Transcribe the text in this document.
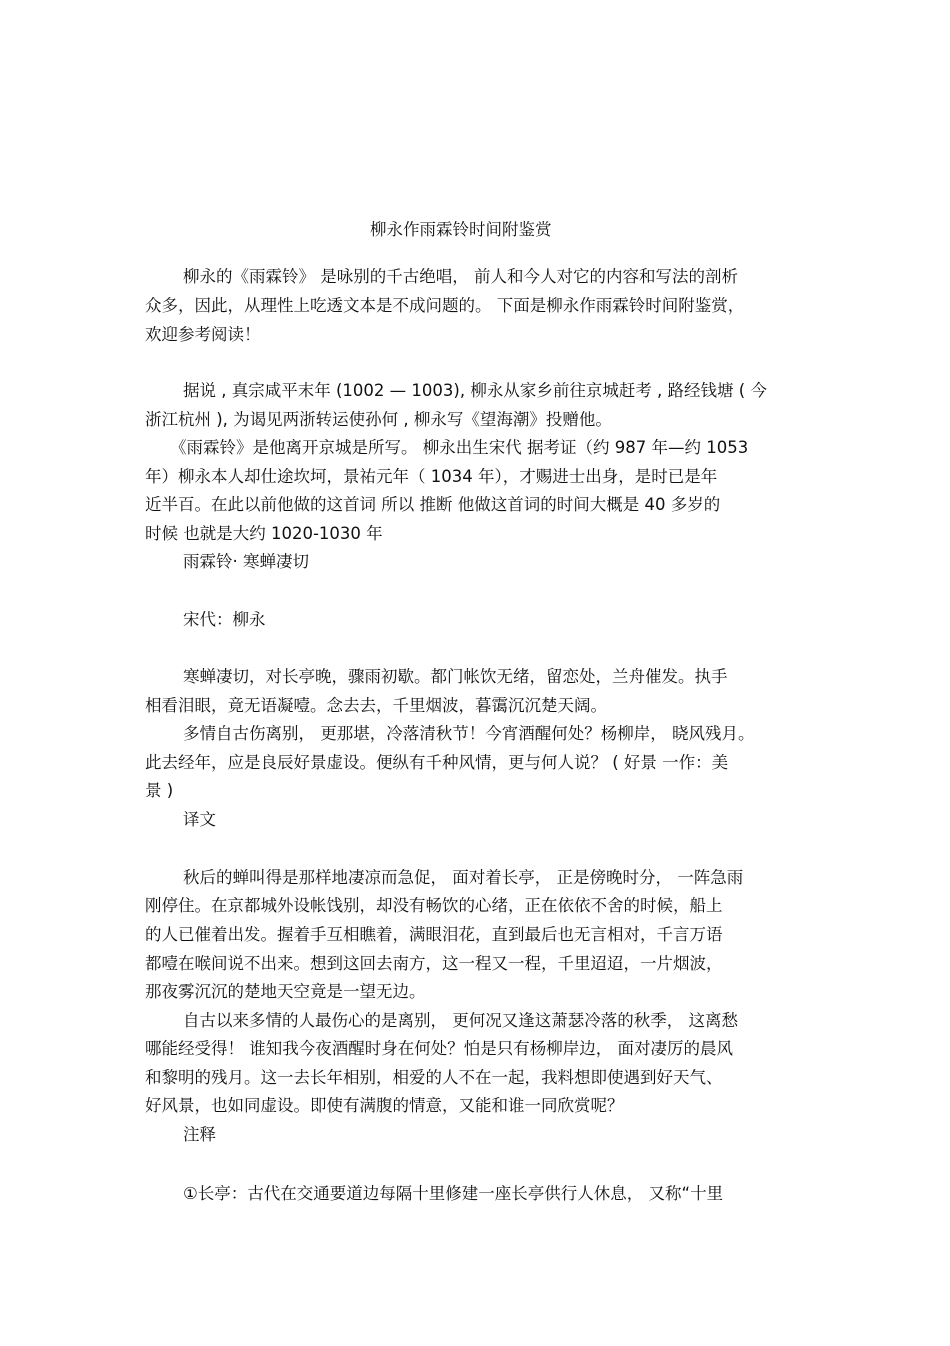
柳永作雨霖铃时间附鉴赏

柳永的《雨霖铃》 是咏别的千古绝唱， 前人和今人对它的内容和写法的剖析

众多，因此，从理性上吃透文本是不成问题的。 下面是柳永作雨霖铃时间附鉴赏，

欢迎参考阅读！

据说 , 真宗咸平末年 (1002 — 1003), 柳永从家乡前往京城赶考 , 路经钱塘 ( 今

浙江杭州 ), 为谒见两浙转运使孙何 , 柳永写《望海潮》投赠他。

《雨霖铃》是他离开京城是所写。 柳永出生宋代 据考证（约 987 年—约 1053

年）柳永本人却仕途坎坷，景祐元年（ 1034 年），才赐进士出身，是时已是年

近半百。在此以前他做的这首词 所以 推断 他做这首词的时间大概是 40 多岁的

时候 也就是大约 1020-1030 年

雨霖铃· 寒蝉凄切

宋代：柳永

寒蝉凄切，对长亭晚，骤雨初歇。都门帐饮无绪，留恋处，兰舟催发。执手

相看泪眼，竟无语凝噎。念去去，千里烟波，暮霭沉沉楚天阔。

多情自古伤离别， 更那堪，冷落清秋节！今宵酒醒何处？杨柳岸， 晓风残月。

此去经年，应是良辰好景虚设。便纵有千种风情，更与何人说？ ( 好景 一作：美

景 )

译文

秋后的蝉叫得是那样地凄凉而急促， 面对着长亭， 正是傍晚时分， 一阵急雨

刚停住。在京都城外设帐饯别，却没有畅饮的心绪，正在依依不舍的时候，船上

的人已催着出发。握着手互相瞧着，满眼泪花，直到最后也无言相对，千言万语

都噎在喉间说不出来。想到这回去南方，这一程又一程，千里迢迢，一片烟波，

那夜雾沉沉的楚地天空竟是一望无边。

自古以来多情的人最伤心的是离别， 更何况又逢这萧瑟冷落的秋季， 这离愁

哪能经受得！ 谁知我今夜酒醒时身在何处？怕是只有杨柳岸边， 面对凄厉的晨风

和黎明的残月。这一去长年相别，相爱的人不在一起，我料想即使遇到好天气、

好风景，也如同虚设。即使有满腹的情意，又能和谁一同欣赏呢？

注释

①长亭：古代在交通要道边每隔十里修建一座长亭供行人休息， 又称“十里
